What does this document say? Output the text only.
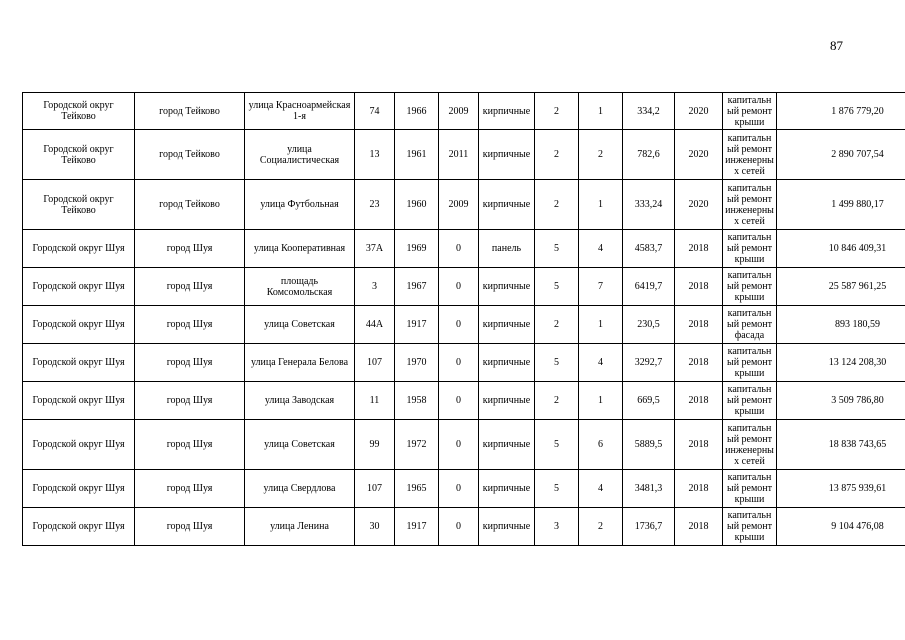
87
Городской округ Тейково	город Тейково	улица Красноармейская 1-я	74	1966	2009	кирпичные	2	1	334,2	2020	капитальный ремонт крыши	1 876 779,20
Городской округ Тейково	город Тейково	улица Социалистическая	13	1961	2011	кирпичные	2	2	782,6	2020	капитальный ремонт инженерных сетей	2 890 707,54
Городской округ Тейково	город Тейково	улица Футбольная	23	1960	2009	кирпичные	2	1	333,24	2020	капитальный ремонт инженерных сетей	1 499 880,17
Городской округ Шуя	город Шуя	улица Кооперативная	37А	1969	0	панель	5	4	4583,7	2018	капитальный ремонт крыши	10 846 409,31
Городской округ Шуя	город Шуя	площадь Комсомольская	3	1967	0	кирпичные	5	7	6419,7	2018	капитальный ремонт крыши	25 587 961,25
Городской округ Шуя	город Шуя	улица Советская	44А	1917	0	кирпичные	2	1	230,5	2018	капитальный ремонт фасада	893 180,59
Городской округ Шуя	город Шуя	улица Генерала Белова	107	1970	0	кирпичные	5	4	3292,7	2018	капитальный ремонт крыши	13 124 208,30
Городской округ Шуя	город Шуя	улица Заводская	11	1958	0	кирпичные	2	1	669,5	2018	капитальный ремонт крыши	3 509 786,80
Городской округ Шуя	город Шуя	улица Советская	99	1972	0	кирпичные	5	6	5889,5	2018	капитальный ремонт инженерных сетей	18 838 743,65
Городской округ Шуя	город Шуя	улица Свердлова	107	1965	0	кирпичные	5	4	3481,3	2018	капитальный ремонт крыши	13 875 939,61
Городской округ Шуя	город Шуя	улица Ленина	30	1917	0	кирпичные	3	2	1736,7	2018	капитальный ремонт крыши	9 104 476,08
